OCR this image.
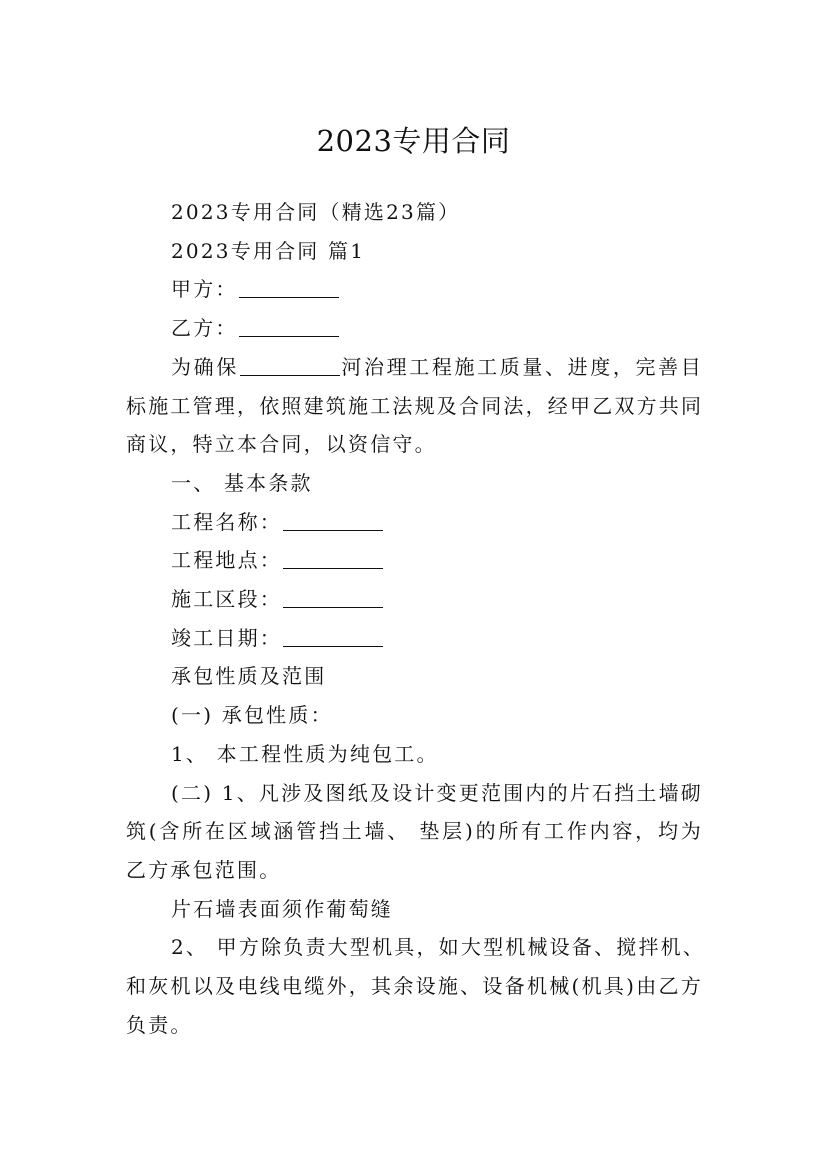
2023专用合同
2023专用合同（精选23篇）
2023专用合同 篇1
甲方：
乙方：
为确保	河治理工程施工质量、进度，完善目
标施工管理，依照建筑施工法规及合同法，经甲乙双方共同
商议，特立本合同，以资信守。
一、 基本条款
工程名称：
工程地点：
施工区段：
竣工日期：
承包性质及范围
(一) 承包性质：
1、 本工程性质为纯包工。
(二) 1、凡涉及图纸及设计变更范围内的片石挡土墙砌
筑(含所在区域涵管挡土墙、 垫层)的所有工作内容，均为
乙方承包范围。
片石墙表面须作葡萄缝
2、 甲方除负责大型机具，如大型机械设备、搅拌机、
和灰机以及电线电缆外，其余设施、设备机械(机具)由乙方
负责。
